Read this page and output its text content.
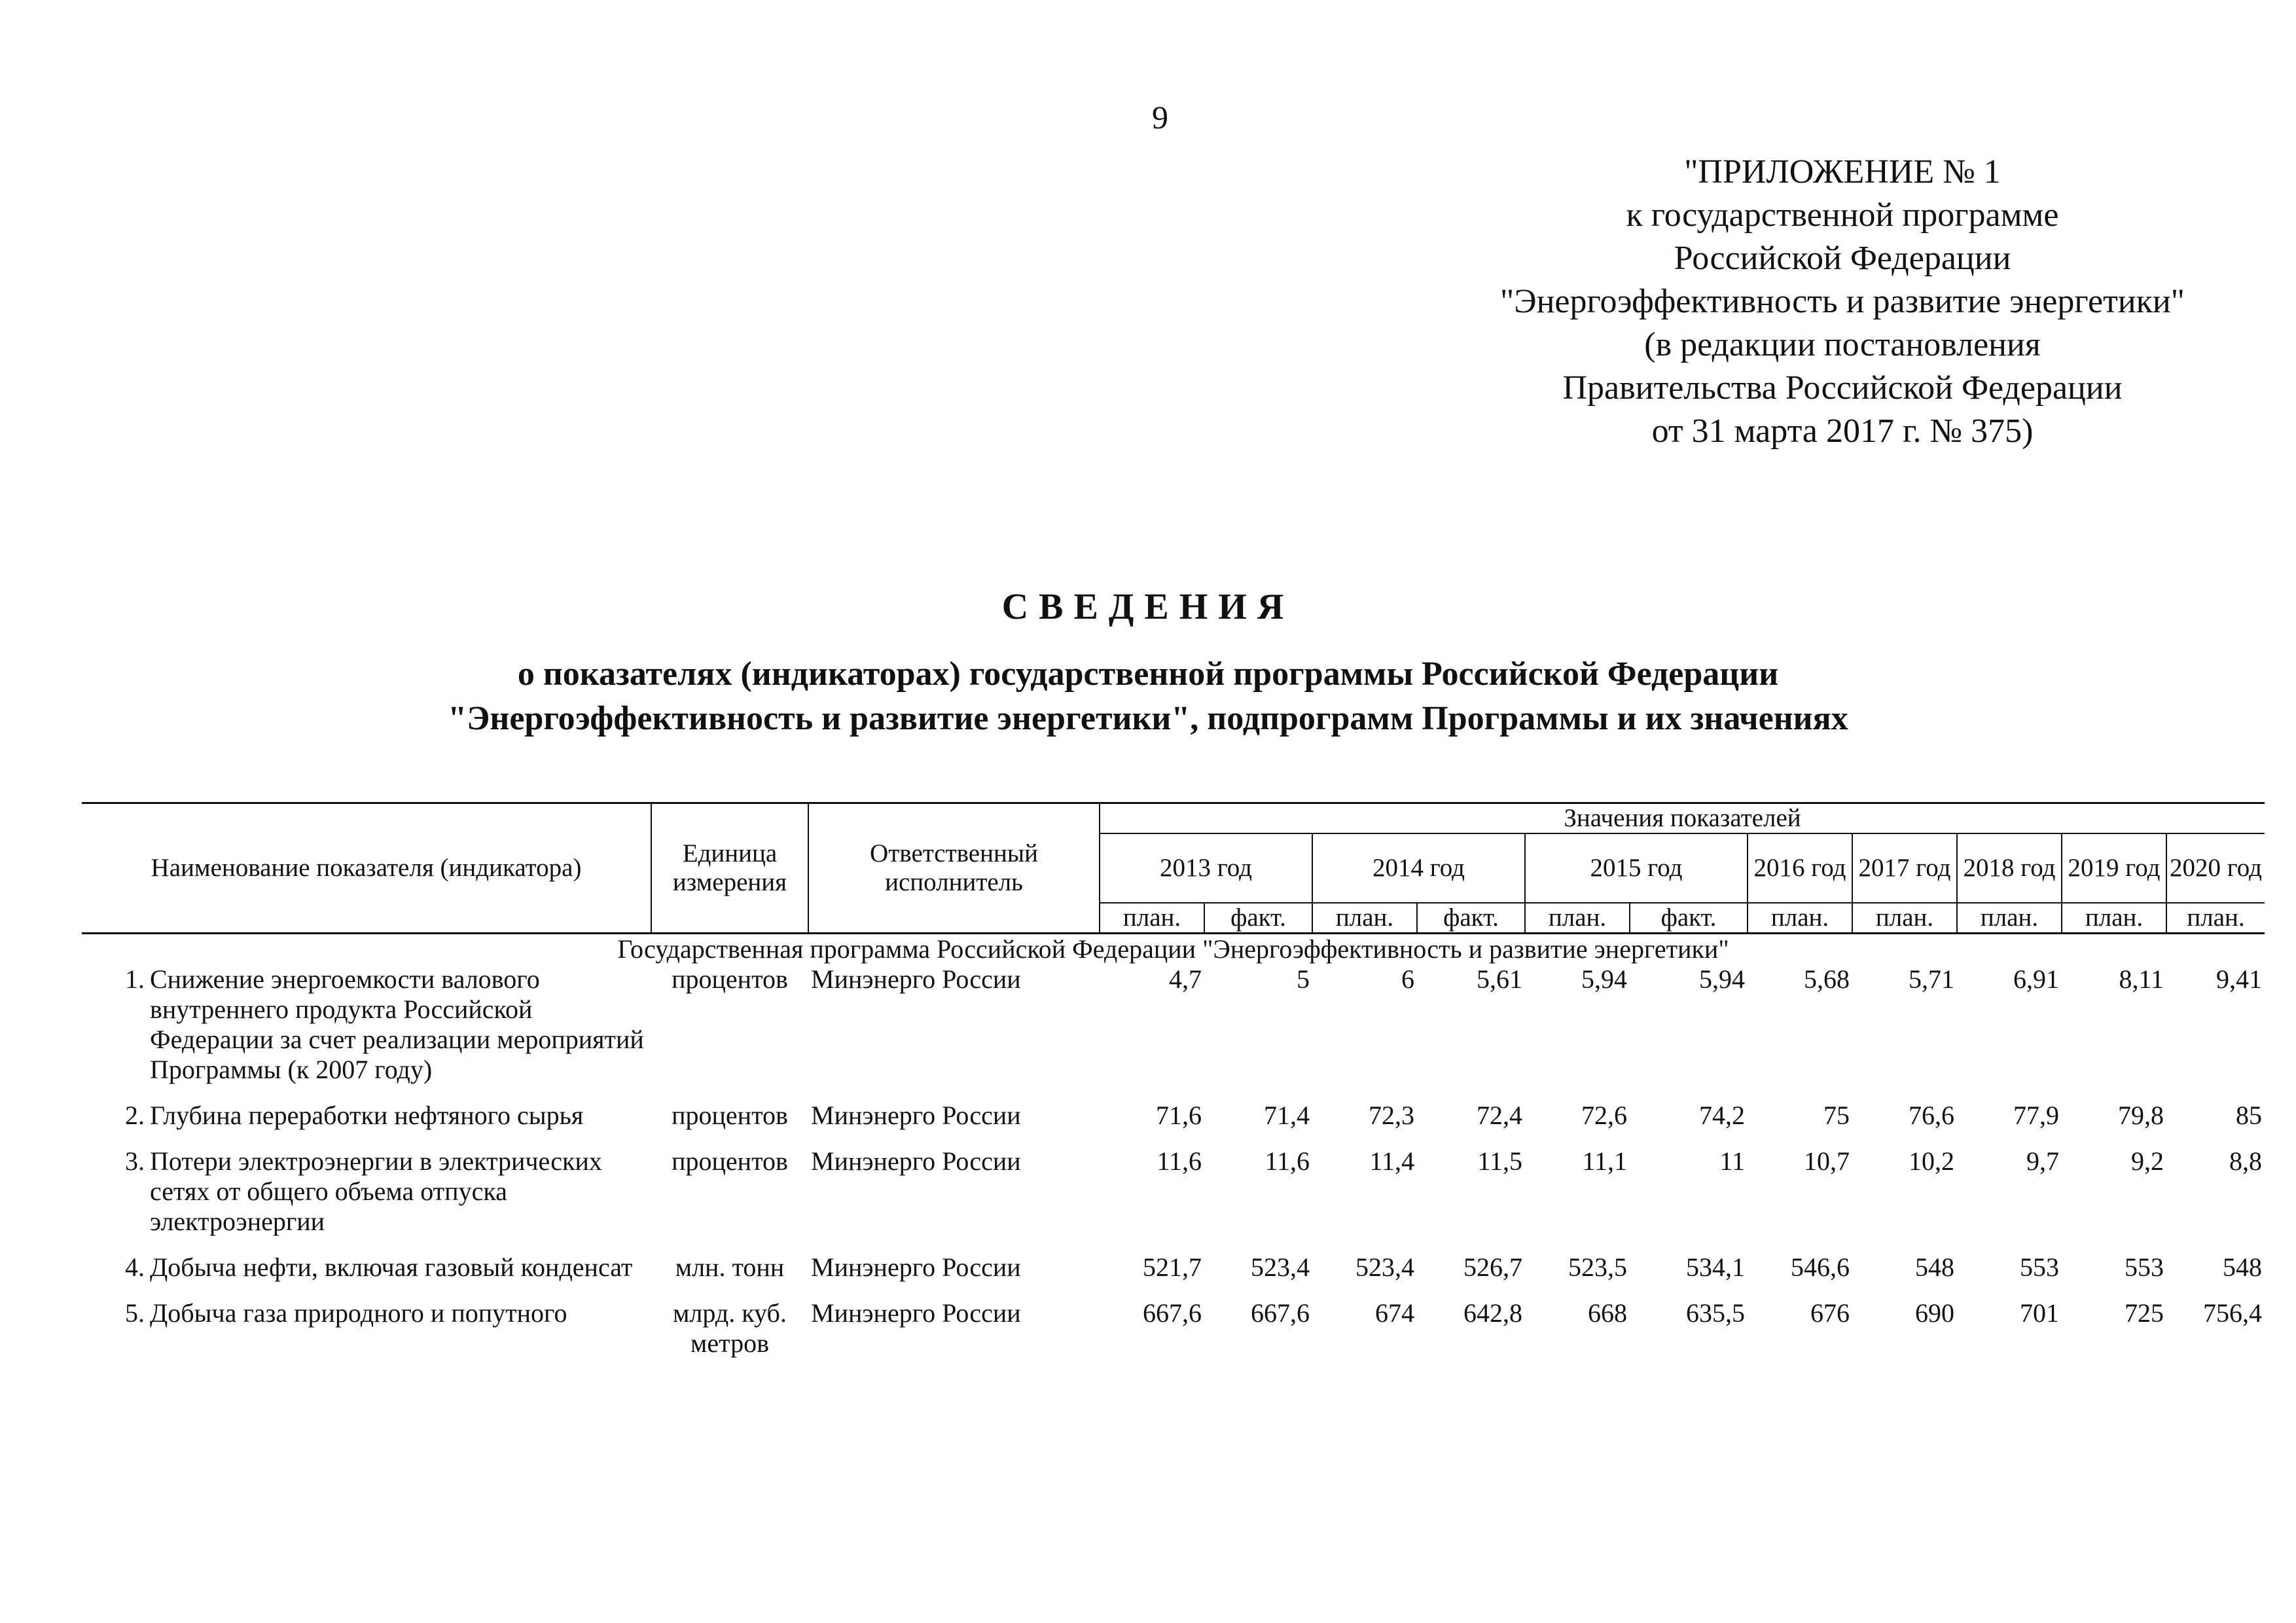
9
"ПРИЛОЖЕНИЕ № 1
к государственной программе
Российской Федерации
"Энергоэффективность и развитие энергетики"
(в редакции постановления
Правительства Российской Федерации
от 31 марта 2017 г. № 375)
СВЕДЕНИЯ
о показателях (индикаторах) государственной программы Российской Федерации
"Энергоэффективность и развитие энергетики", подпрограмм Программы и их значениях
Наименование показателя (индикатора)		Единица измерения	Ответственный исполнитель	Значения показателей										
				2013 год		2014 год		2015 год		2016 год	2017 год	2018 год	2019 год	2020 год
				план.	факт.	план.	факт.	план.	факт.	план.	план.	план.	план.	план.
Государственная программа Российской Федерации "Энергоэффективность и развитие энергетики"														
1.	Снижение энергоемкости валового внутреннего продукта Российской Федерации за счет реализации мероприятий Программы (к 2007 году)	процентов	Минэнерго России	4,7	5	6	5,61	5,94	5,94	5,68	5,71	6,91	8,11	9,41
2.	Глубина переработки нефтяного сырья	процентов	Минэнерго России	71,6	71,4	72,3	72,4	72,6	74,2	75	76,6	77,9	79,8	85
3.	Потери электроэнергии в электрических сетях от общего объема отпуска электроэнергии	процентов	Минэнерго России	11,6	11,6	11,4	11,5	11,1	11	10,7	10,2	9,7	9,2	8,8
4.	Добыча нефти, включая газовый конденсат	млн. тонн	Минэнерго России	521,7	523,4	523,4	526,7	523,5	534,1	546,6	548	553	553	548
5.	Добыча газа природного и попутного	млрд. куб. метров	Минэнерго России	667,6	667,6	674	642,8	668	635,5	676	690	701	725	756,4
